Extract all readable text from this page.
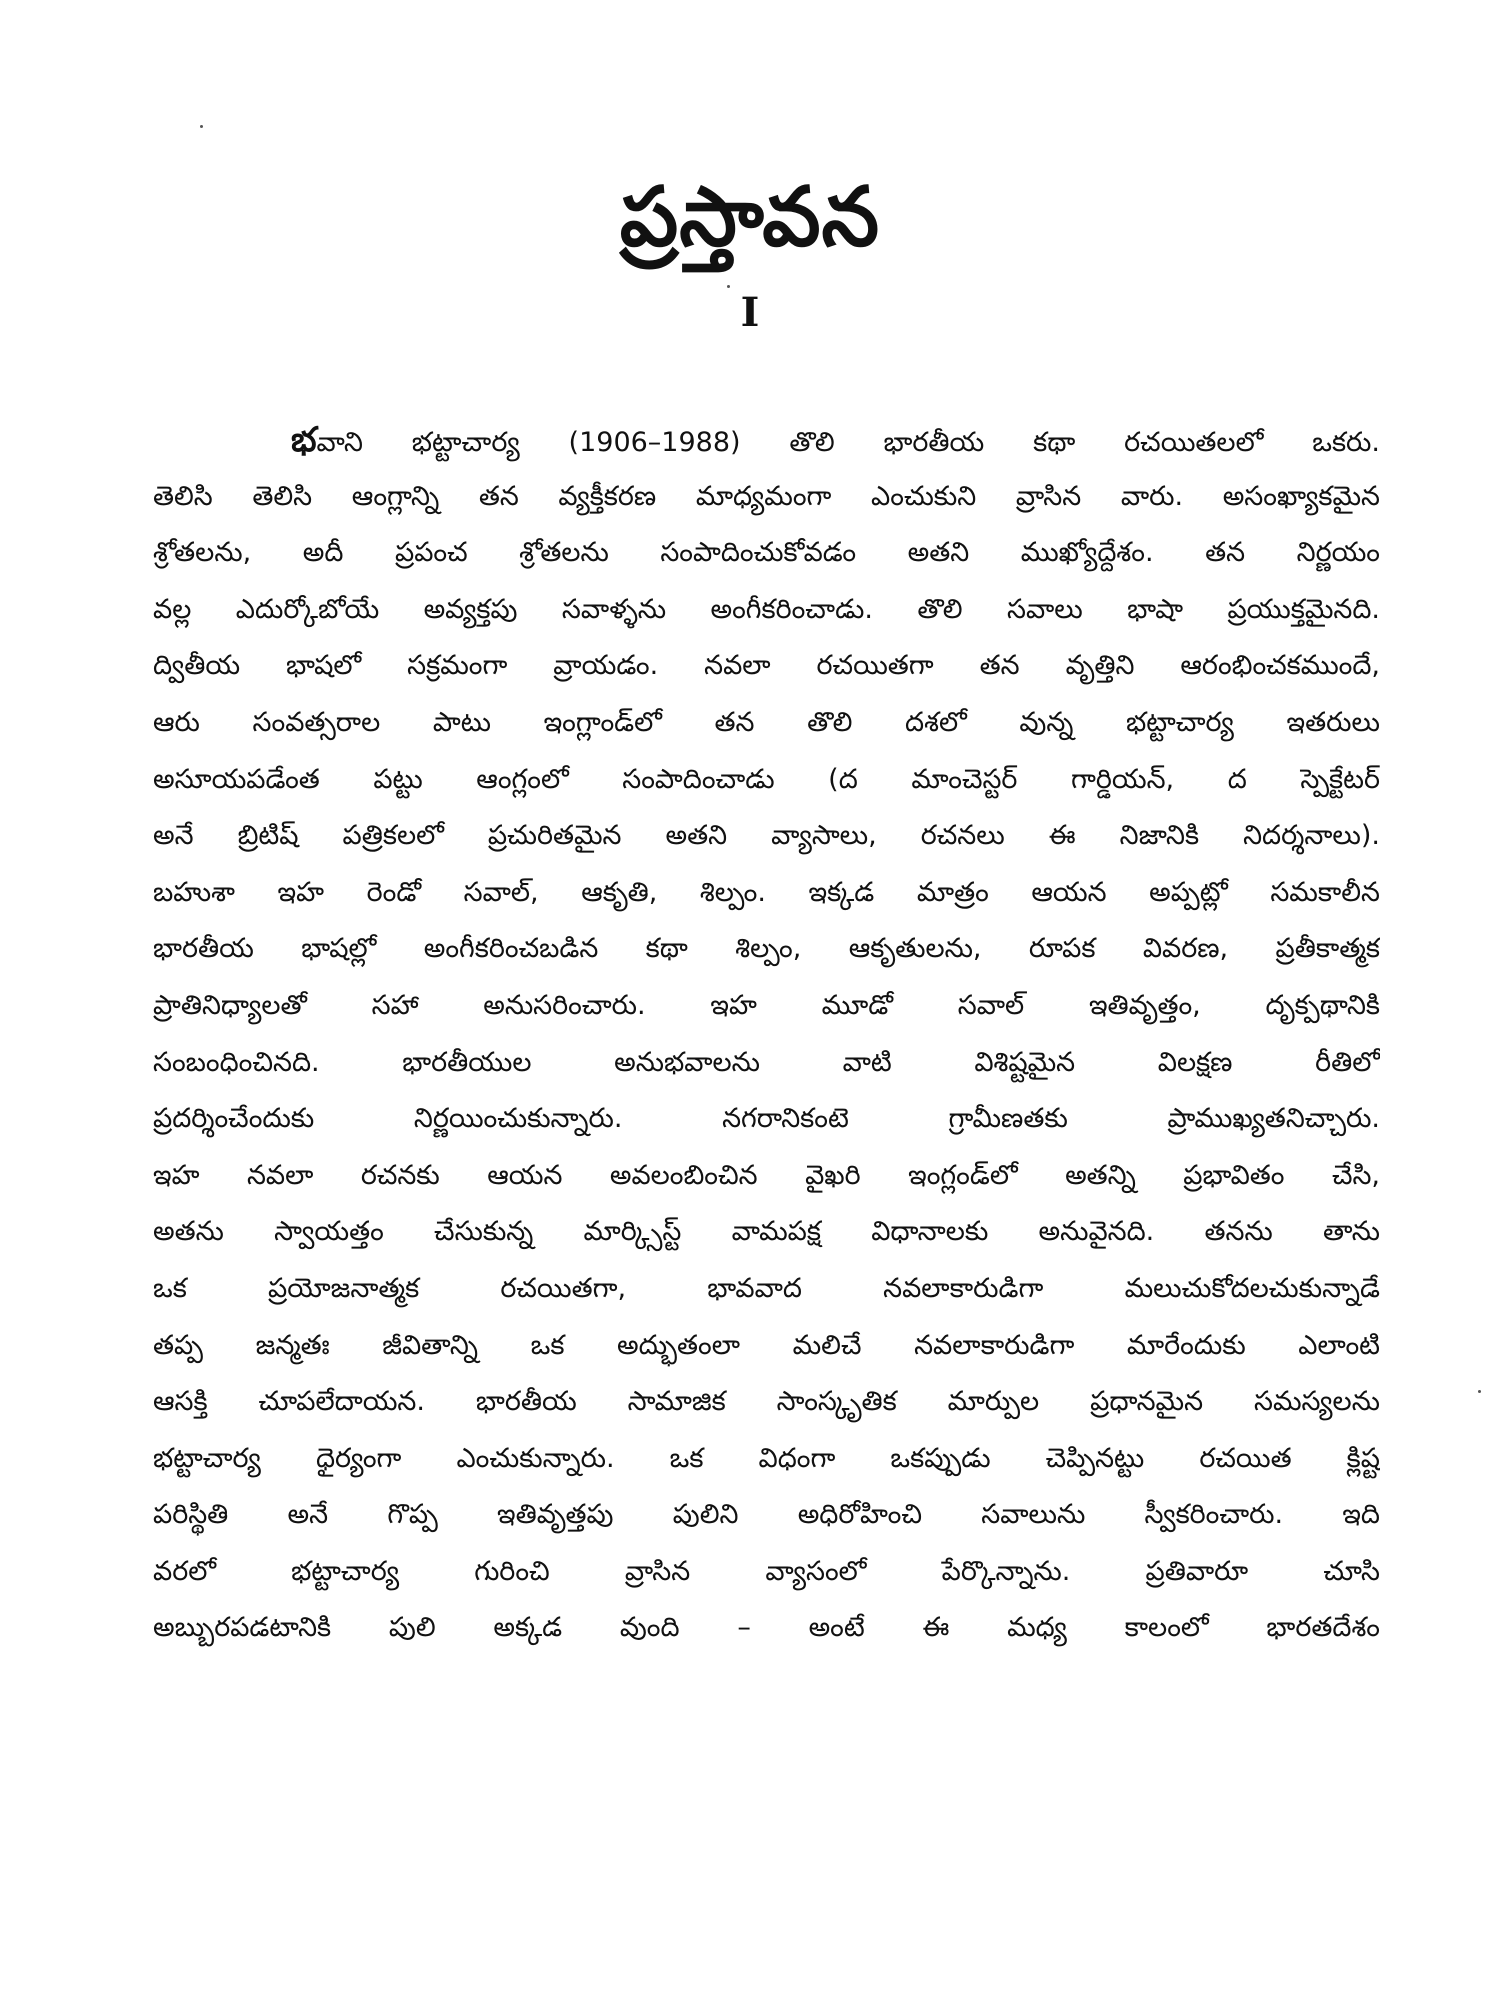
ప్రస్తావన
I
భవాని భట్టాచార్య (1906–1988) తొలి భారతీయ కథా రచయితలలో ఒకరు.
తెలిసి తెలిసి ఆంగ్లాన్ని తన వ్యక్తీకరణ మాధ్యమంగా ఎంచుకుని వ్రాసిన వారు. అసంఖ్యాకమైన
శ్రోతలను, అదీ ప్రపంచ శ్రోతలను సంపాదించుకోవడం అతని ముఖ్యోద్దేశం. తన నిర్ణయం
వల్ల ఎదుర్కోబోయే అవ్యక్తపు సవాళ్ళను అంగీకరించాడు. తొలి సవాలు భాషా ప్రయుక్తమైనది.
ద్వితీయ భాషలో సక్రమంగా వ్రాయడం. నవలా రచయితగా తన వృత్తిని ఆరంభించకముందే,
ఆరు సంవత్సరాల పాటు ఇంగ్లాండ్‌లో తన తొలి దశలో వున్న భట్టాచార్య ఇతరులు
అసూయపడేంత పట్టు ఆంగ్లంలో సంపాదించాడు (ద మాంచెస్టర్ గార్డియన్, ద స్పెక్టేటర్
అనే బ్రిటిష్ పత్రికలలో ప్రచురితమైన అతని వ్యాసాలు, రచనలు ఈ నిజానికి నిదర్శనాలు).
బహుశా ఇహ రెండో సవాల్, ఆకృతి, శిల్పం. ఇక్కడ మాత్రం ఆయన అప్పట్లో సమకాలీన
భారతీయ భాషల్లో అంగీకరించబడిన కథా శిల్పం, ఆకృతులను, రూపక వివరణ, ప్రతీకాత్మక
ప్రాతినిధ్యాలతో సహా అనుసరించారు. ఇహ మూడో సవాల్ ఇతివృత్తం, దృక్పథానికి
సంబంధించినది. భారతీయుల అనుభవాలను వాటి విశిష్టమైన విలక్షణ రీతిలో
ప్రదర్శించేందుకు నిర్ణయించుకున్నారు. నగరానికంటె గ్రామీణతకు ప్రాముఖ్యతనిచ్చారు.
ఇహ నవలా రచనకు ఆయన అవలంబించిన వైఖరి ఇంగ్లండ్‌లో అతన్ని ప్రభావితం చేసి,
అతను స్వాయత్తం చేసుకున్న మార్క్సిస్ట్ వామపక్ష విధానాలకు అనువైనది. తనను తాను
ఒక ప్రయోజనాత్మక రచయితగా, భావవాద నవలాకారుడిగా మలుచుకోదలచుకున్నాడే
తప్ప జన్మతః జీవితాన్ని ఒక అద్భుతంలా మలిచే నవలాకారుడిగా మారేందుకు ఎలాంటి
ఆసక్తి చూపలేదాయన. భారతీయ సామాజిక సాంస్కృతిక మార్పుల ప్రధానమైన సమస్యలను
భట్టాచార్య ధైర్యంగా ఎంచుకున్నారు. ఒక విధంగా ఒకప్పుడు చెప్పినట్టు రచయిత క్లిష్ట
పరిస్థితి అనే గొప్ప ఇతివృత్తపు పులిని అధిరోహించి సవాలును స్వీకరించారు. ఇది
వరలో భట్టాచార్య గురించి వ్రాసిన వ్యాసంలో పేర్కొన్నాను. ప్రతివారూ చూసి
అబ్బురపడటానికి పులి అక్కడ వుంది – అంటే ఈ మధ్య కాలంలో భారతదేశం
